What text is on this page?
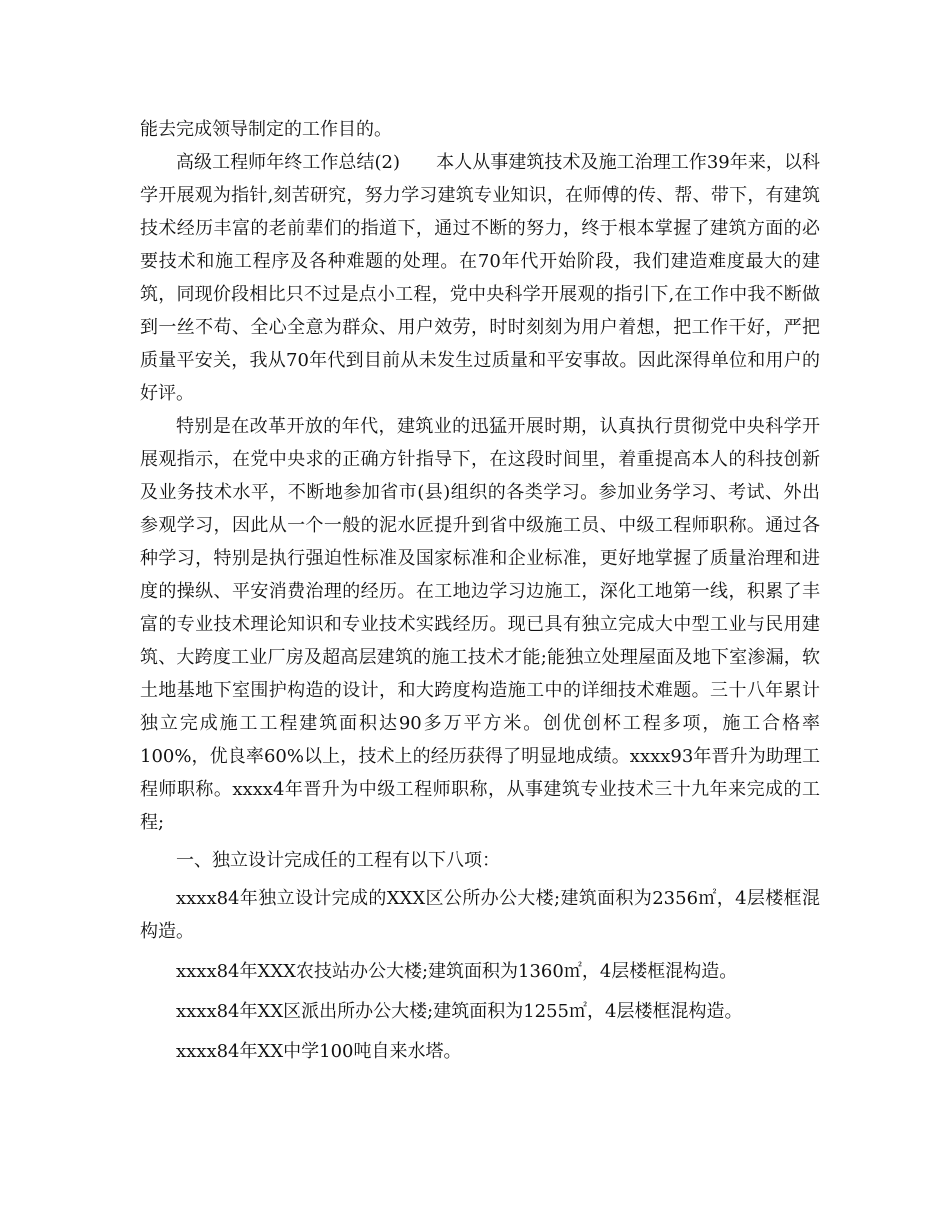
能去完成领导制定的工作目的。

高级工程师年终工作总结(2)　　本人从事建筑技术及施工治理工作39年来，以科学开展观为指针,刻苦研究，努力学习建筑专业知识，在师傅的传、帮、带下，有建筑技术经历丰富的老前辈们的指道下，通过不断的努力，终于根本掌握了建筑方面的必要技术和施工程序及各种难题的处理。在70年代开始阶段，我们建造难度最大的建筑，同现价段相比只不过是点小工程，党中央科学开展观的指引下,在工作中我不断做到一丝不苟、全心全意为群众、用户效劳，时时刻刻为用户着想，把工作干好，严把质量平安关，我从70年代到目前从未发生过质量和平安事故。因此深得单位和用户的好评。

特别是在改革开放的年代，建筑业的迅猛开展时期，认真执行贯彻党中央科学开展观指示，在党中央求的正确方针指导下，在这段时间里，着重提高本人的科技创新及业务技术水平，不断地参加省市(县)组织的各类学习。参加业务学习、考试、外出参观学习，因此从一个一般的泥水匠提升到省中级施工员、中级工程师职称。通过各种学习，特别是执行强迫性标准及国家标准和企业标准，更好地掌握了质量治理和进度的操纵、平安消费治理的经历。在工地边学习边施工，深化工地第一线，积累了丰富的专业技术理论知识和专业技术实践经历。现已具有独立完成大中型工业与民用建筑、大跨度工业厂房及超高层建筑的施工技术才能;能独立处理屋面及地下室渗漏，软土地基地下室围护构造的设计，和大跨度构造施工中的详细技术难题。三十八年累计独立完成施工工程建筑面积达90多万平方米。创优创杯工程多项，施工合格率100%，优良率60%以上，技术上的经历获得了明显地成绩。xxxx93年晋升为助理工程师职称。xxxx4年晋升为中级工程师职称，从事建筑专业技术三十九年来完成的工程;

一、独立设计完成任的工程有以下八项：

xxxx84年独立设计完成的XXX区公所办公大楼;建筑面积为2356㎡，4层楼框混构造。

xxxx84年XXX农技站办公大楼;建筑面积为1360㎡，4层楼框混构造。

xxxx84年XX区派出所办公大楼;建筑面积为1255㎡，4层楼框混构造。

xxxx84年XX中学100吨自来水塔。
